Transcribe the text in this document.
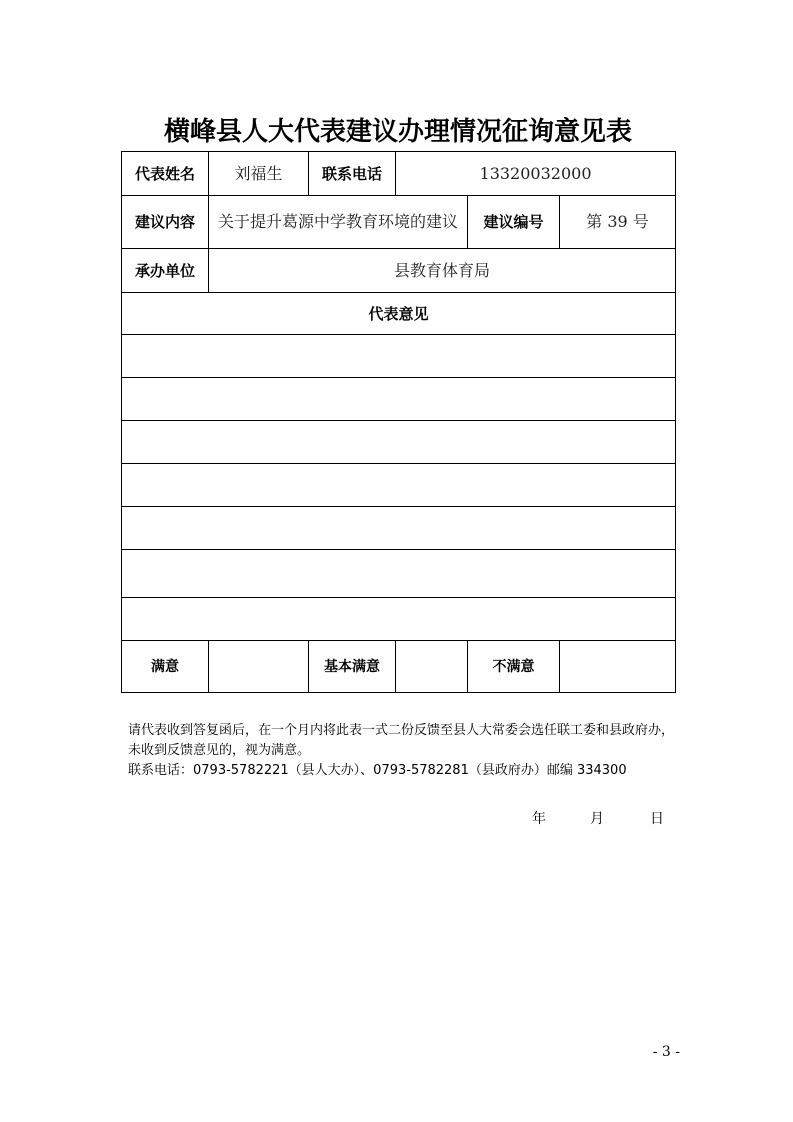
横峰县人大代表建议办理情况征询意见表
代表姓名	刘福生	联系电话	13320032000		
建议内容	关于提升葛源中学教育环境的建议			建议编号	第 39 号
承办单位	县教育体育局				
代表意见					

满意		基本满意		不满意	

请代表收到答复函后，在一个月内将此表一式二份反馈至县人大常委会选任联工委和县政府办，未收到反馈意见的，视为满意。

联系电话：0793-5782221（县人大办）、0793-5782281（县政府办）邮编 334300

年	月	日
- 3 -
